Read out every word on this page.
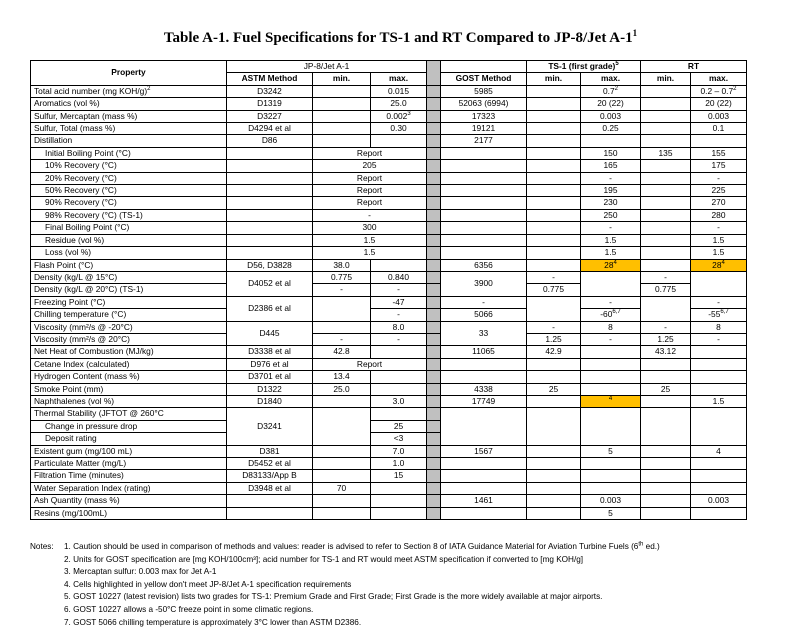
Table A-1. Fuel Specifications for TS-1 and RT Compared to JP-8/Jet $A-1^1$
Property	JP-8/Jet A-1					TS-1 (first grade)$^5$		RT	
	ASTM Method	min.	max.		GOST Method	min.	max.	min.	max.
Total acid number (mg KOH/g)$^2$	D3242		0.015		5985		$0.7^2$		$0.2 - 0.7^2$
Aromatics (vol %)	D1319		25.0		52063 (6994)		20 (22)		20 (22)
Sulfur, Mercaptan (mass %)	D3227		0.002$^3$		17323		0.003		0.003
Sulfur, Total (mass %)	D4294 et al		0.30		19121		0.25		0.1
Distillation	D86				2177				
Initial Boiling Point (°C)		Report					150	135	155
10% Recovery (°C)		205					165		175
20% Recovery (°C)		Report					-		-
50% Recovery (°C)		Report					195		225
90% Recovery (°C)		Report					230		270
98% Recovery (°C) (TS-1)		-					250		280
Final Boiling Point (°C)		300					-		-
Residue (vol %)		1.5					1.5		1.5
Loss (vol %)		1.5					1.5		1.5
Flash Point (°C)	D56, D3828	38.0			6356		$28^4$		$28^4$
Density (kg/L @ 15°C)	D4052 et al	0.775	0.840		3900	-		-	
Density (kg/L @ 20°C) (TS-1)		-	-			0.775		0.775	
Freezing Point (°C)	D2386 et al		-47		-		-		-
Chilling temperature (°C)			-		5066		-60$^{6,7}$		-55$^{6,7}$
Viscosity (mm²/s @ -20°C)	D445		8.0		33	-	8	-	8
Viscosity (mm²/s @ 20°C)		-	-			1.25	-	1.25	-
Net Heat of Combustion (MJ/kg)	D3338 et al	42.8			11065	42.9		43.12	
Cetane Index (calculated)	D976 et al	Report							
Hydrogen Content (mass %)	D3701 et al	13.4							
Smoke Point (mm)	D1322	25.0			4338	25		25	
Naphthalenes (vol %)	D1840		3.0		17749		$^4$		1.5
Thermal Stability (JFTOT @ 260°C	D3241								
Change in pressure drop			25						
Deposit rating			<3						
Existent gum (mg/100 mL)	D381		7.0		1567		5		4
Particulate Matter (mg/L)	D5452 et al		1.0						
Filtration Time (minutes)	D83133/App B		15						
Water Separation Index (rating)	D3948 et al	70							
Ash Quantity (mass %)					1461		0.003		0.003
Resins (mg/100mL)							5		
Notes: 1. Caution should be used in comparison of methods and values: reader is advised to refer to Section 8 of IATA Guidance Material for Aviation Turbine Fuels (6th ed.)
2. Units for GOST specification are [mg KOH/100cm³]; acid number for TS-1 and RT would meet ASTM specification if converted to [mg KOH/g]
3. Mercaptan sulfur: 0.003 max for Jet A-1
4. Cells highlighted in yellow don't meet JP-8/Jet A-1 specification requirements
5. GOST 10227 (latest revision) lists two grades for TS-1: Premium Grade and First Grade; First Grade is the more widely available at major airports.
6. GOST 10227 allows a -50°C freeze point in some climatic regions.
7. GOST 5066 chilling temperature is approximately 3°C lower than ASTM D2386.
